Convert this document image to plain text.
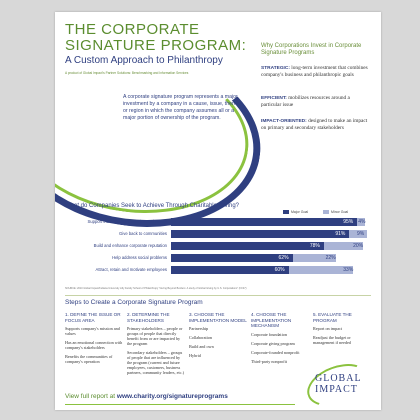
THE CORPORATE SIGNATURE PROGRAM:
A Custom Approach to Philanthropy
A product of Global Impact's Partner Solutions: Benchmarking and Information Services
A corporate signature program represents a major investment by a company in a cause, issue, theme or region in which the company assumes all or a major portion of ownership of the program.
Why Corporations Invest in Corporate Signature Programs
STRATEGIC: long-term investment that combines company's business and philanthropic goals
EFFICIENT: mobilizes resources around a particular issue
IMPACT-ORIENTED: designed to make an impact on primary and secondary stakeholders
What do Companies Seek to Achieve Through Charitable Giving?
Major Goal	Minor Goal
Support the company's mission and values	95% 4%
Give back to communities	91% 9%
Build and enhance corporate reputation	78%	20%
Help address social problems	62%	22%
Attract, retain and motivate employees	60%	33%
SOURCE: 2010 Global Impact/Indiana University Lilly Family School of Philanthropy "Giving Beyond Borders: A study of Global Giving by U.S. Corporations" (N=47)
Steps to Create a Corporate Signature Program
1. DEFINE THE ISSUE OR FOCUS AREA

Supports company's mission and values

Has an emotional connection with company's stakeholders

Benefits the communities of company's operation

2. DETERMINE THE STAKEHOLDERS

Primary stakeholders – people or groups of people that directly benefit from or are impacted by the program

Secondary stakeholders – groups of people that are influenced by the program (current and future employees, customers, business partners, community leaders, etc.)

3. CHOOSE THE IMPLEMENTATION MODEL

Partnership

Collaboration

Build and own

Hybrid

4. CHOOSE THE IMPLEMENTATION MECHANISM

Corporate foundation

Corporate giving program

Corporate-founded nonprofit

Third-party nonprofit

5. EVALUATE THE PROGRAM

Report on impact

Readjust the budget or management if needed

GLOBAL
IMPACT
View full report at www.charity.org/signatureprograms
